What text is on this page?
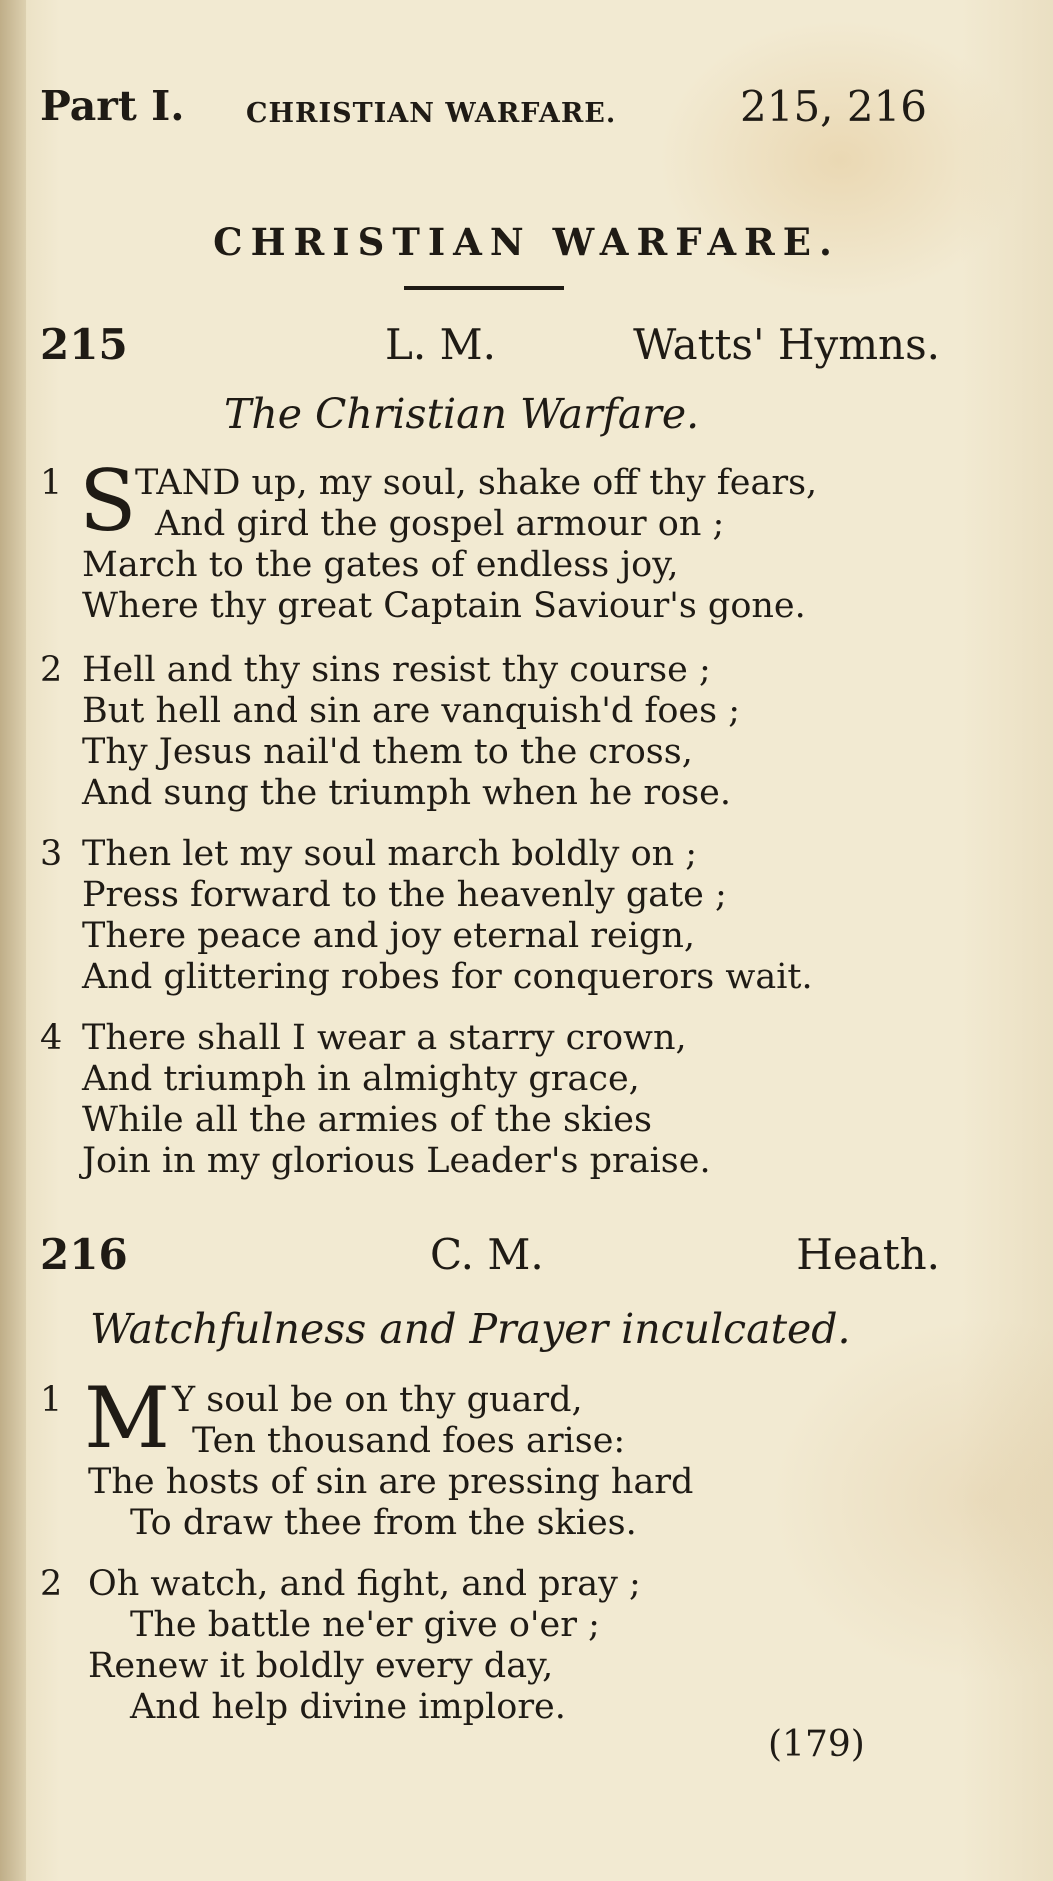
Part I. CHRISTIAN WARFARE.	215, 216
CHRISTIAN WARFARE.
215	L. M.	Watts' Hymns.
The Christian Warfare.
1 S
TAND up, my soul, shake off thy fears,
And gird the gospel armour on ;
March to the gates of endless joy,
Where thy great Captain Saviour's gone.
2 Hell and thy sins resist thy course ;
But hell and sin are vanquish'd foes ;
Thy Jesus nail'd them to the cross,
And sung the triumph when he rose.
3 Then let my soul march boldly on ;
Press forward to the heavenly gate ;
There peace and joy eternal reign,
And glittering robes for conquerors wait.
4 There shall I wear a starry crown,
And triumph in almighty grace,
While all the armies of the skies
Join in my glorious Leader's praise.
216	C. M.	Heath.
Watchfulness and Prayer inculcated.
1 M Y soul be on thy guard,
Ten thousand foes arise:
The hosts of sin are pressing hard
To draw thee from the skies.
2 Oh watch, and fight, and pray ;
The battle ne'er give o'er ;
Renew it boldly every day,
And help divine implore.
(179)
